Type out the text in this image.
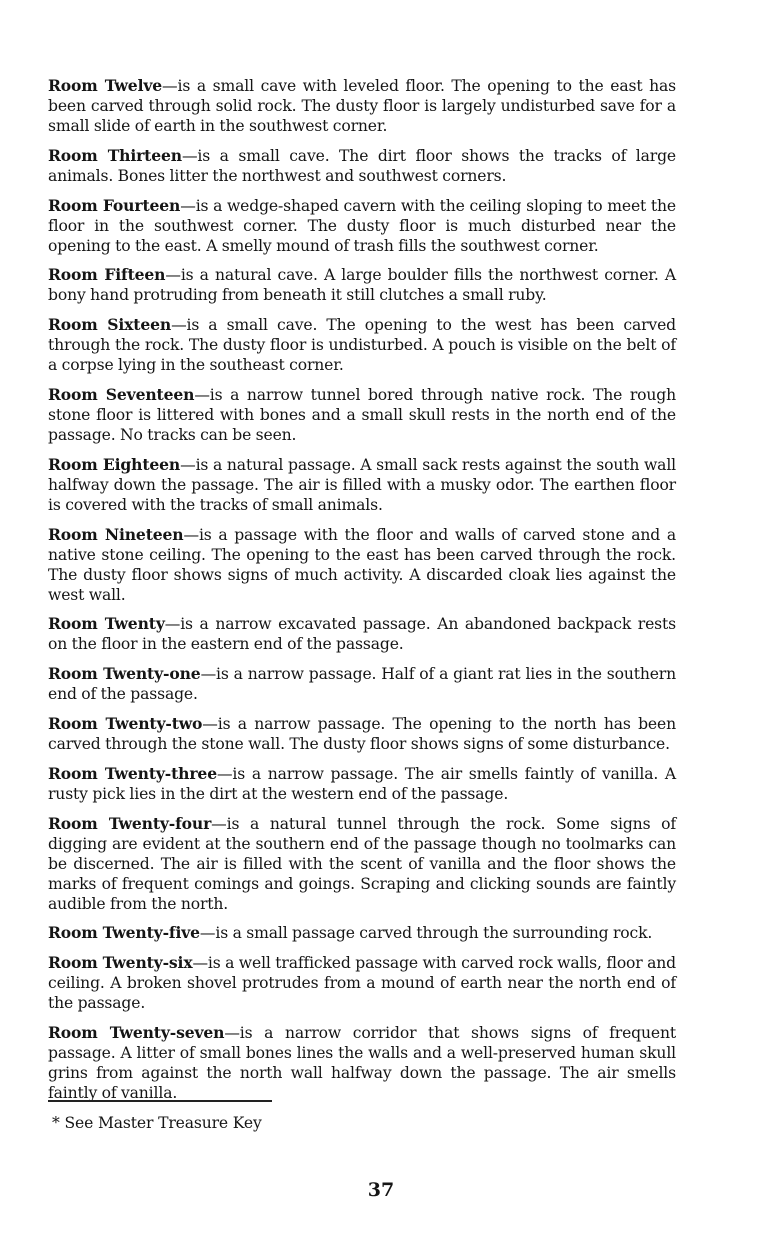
Room Twelve—is a small cave with leveled floor. The opening to the east has been carved through solid rock. The dusty floor is largely undisturbed save for a small slide of earth in the southwest corner.

Room Thirteen—is a small cave. The dirt floor shows the tracks of large animals. Bones litter the northwest and southwest corners.

Room Fourteen—is a wedge-shaped cavern with the ceiling sloping to meet the floor in the southwest corner. The dusty floor is much disturbed near the opening to the east. A smelly mound of trash fills the southwest corner.

Room Fifteen—is a natural cave. A large boulder fills the northwest corner. A bony hand protruding from beneath it still clutches a small ruby.

Room Sixteen—is a small cave. The opening to the west has been carved through the rock. The dusty floor is undisturbed. A pouch is visible on the belt of a corpse lying in the southeast corner.

Room Seventeen—is a narrow tunnel bored through native rock. The rough stone floor is littered with bones and a small skull rests in the north end of the passage. No tracks can be seen.

Room Eighteen—is a natural passage. A small sack rests against the south wall halfway down the passage. The air is filled with a musky odor. The earthen floor is covered with the tracks of small animals.

Room Nineteen—is a passage with the floor and walls of carved stone and a native stone ceiling. The opening to the east has been carved through the rock. The dusty floor shows signs of much activity. A discarded cloak lies against the west wall.

Room Twenty—is a narrow excavated passage. An abandoned backpack rests on the floor in the eastern end of the passage.

Room Twenty-one—is a narrow passage. Half of a giant rat lies in the southern end of the passage.

Room Twenty-two—is a narrow passage. The opening to the north has been carved through the stone wall. The dusty floor shows signs of some disturbance.

Room Twenty-three—is a narrow passage. The air smells faintly of vanilla. A rusty pick lies in the dirt at the western end of the passage.

Room Twenty-four—is a natural tunnel through the rock. Some signs of digging are evident at the southern end of the passage though no toolmarks can be discerned. The air is filled with the scent of vanilla and the floor shows the marks of frequent comings and goings. Scraping and clicking sounds are faintly audible from the north.

Room Twenty-five—is a small passage carved through the surrounding rock.

Room Twenty-six—is a well trafficked passage with carved rock walls, floor and ceiling. A broken shovel protrudes from a mound of earth near the north end of the passage.

Room Twenty-seven—is a narrow corridor that shows signs of frequent passage. A litter of small bones lines the walls and a well-preserved human skull grins from against the north wall halfway down the passage. The air smells faintly of vanilla.

* See Master Treasure Key
37
